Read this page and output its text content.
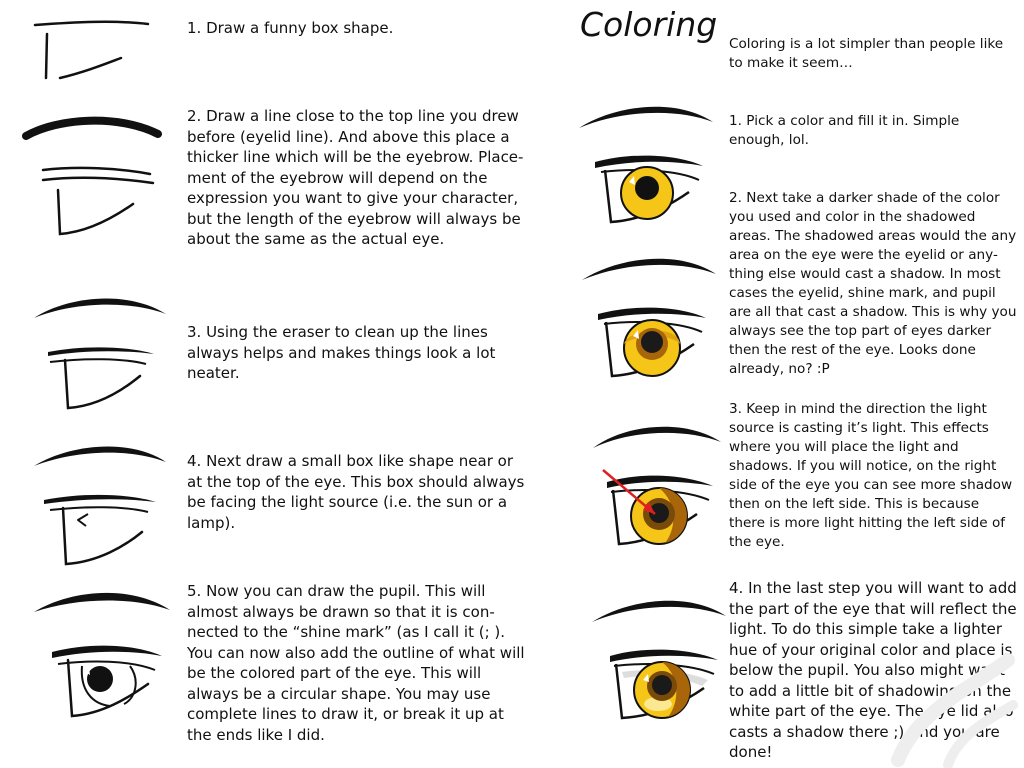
1. Draw a funny box shape.

2. Draw a line close to the top line you drew before (eyelid line). And above this place a thicker line which will be the eyebrow. Place-ment of the eyebrow will depend on the expression you want to give your character, but the length of the eyebrow will always be about the same as the actual eye.

3. Using the eraser to clean up the lines always helps and makes things look a lot neater.

4. Next draw a small box like shape near or at the top of the eye. This box should always be facing the light source (i.e. the sun or a lamp).

5. Now you can draw the pupil. This will almost always be drawn so that it is con-nected to the “shine mark” (as I call it (; ). You can now also add the outline of what will be the colored part of the eye. This will always be a circular shape. You may use complete lines to draw it, or break it up at the ends like I did.

Coloring Coloring is a lot simpler than people like to make it seem…

1. Pick a color and fill it in. Simple enough, lol.

2. Next take a darker shade of the color you used and color in the shadowed areas. The shadowed areas would the any area on the eye were the eyelid or any-thing else would cast a shadow. In most cases the eyelid, shine mark, and pupil are all that cast a shadow. This is why you always see the top part of eyes darker then the rest of the eye. Looks done already, no? :P

3. Keep in mind the direction the light source is casting it’s light. This effects where you will place the light and shadows. If you will notice, on the right side of the eye you can see more shadow then on the left side. This is because there is more light hitting the left side of the eye.

4. In the last step you will want to add the part of the eye that will reflect the light. To do this simple take a lighter hue of your original color and place is below the pupil. You also might want to add a little bit of shadowing on the white part of the eye. The eye lid also casts a shadow there ;) And you are done!
